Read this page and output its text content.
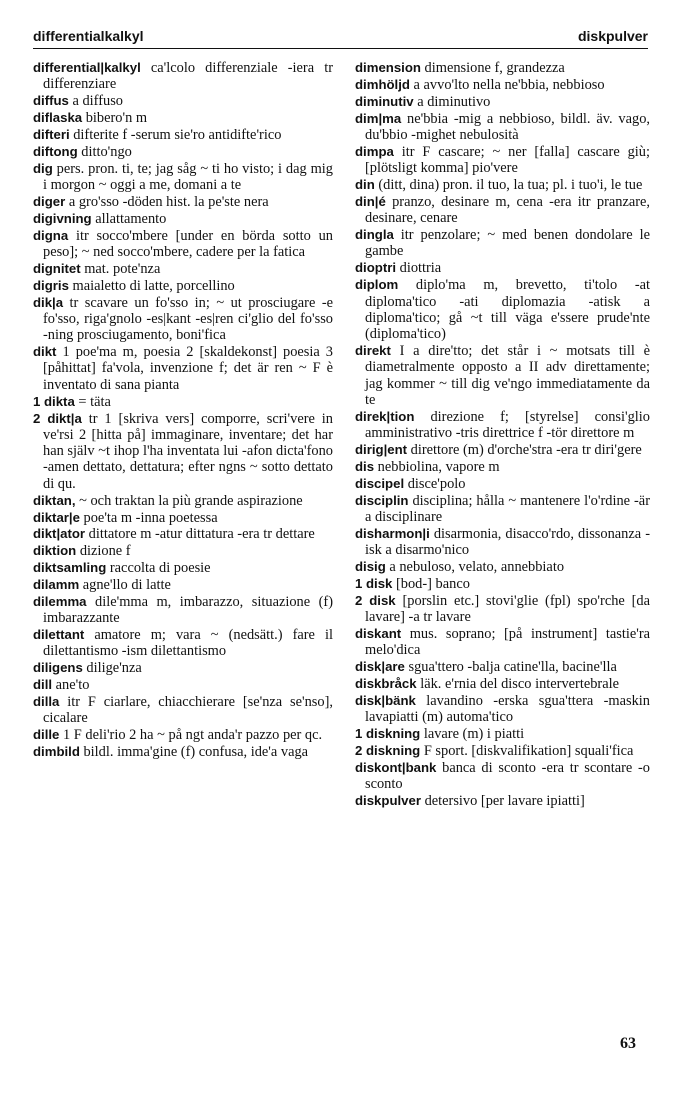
differentialkalkyl	diskpulver

differential|kalkyl ca'lcolo differenziale -iera tr differenziare

diffus a diffuso

diflaska bibero'n m

difteri difterite f -serum sie'ro antidifte'rico

diftong ditto'ngo

dig pers. pron. ti, te; jag såg ~ ti ho visto; i dag mig i morgon ~ oggi a me, domani a te

diger a gro'sso -döden hist. la pe'ste nera

digivning allattamento

digna itr socco'mbere [under en börda sotto un peso]; ~ ned socco'mbere, cadere per la fatica

dignitet mat. pote'nza

digris maialetto di latte, porcellino

dik|a tr scavare un fo'sso in; ~ ut prosciugare -e fo'sso, riga'gnolo -es|kant -es|ren ci'glio del fo'sso -ning prosciugamento, boni'fica

dikt 1 poe'ma m, poesia 2 [skaldekonst] poesia 3 [påhittat] fa'vola, invenzione f; det är ren ~ F è inventato di sana pianta

1 dikta = täta

2 dikt|a tr 1 [skriva vers] comporre, scri'vere in ve'rsi 2 [hitta på] immaginare, inventare; det har han själv ~t ihop l'ha inventata lui -afon dicta'fono -amen dettato, dettatura; efter ngns ~ sotto dettato di qu.

diktan, ~ och traktan la più grande aspirazione

diktar|e poe'ta m -inna poetessa

dikt|ator dittatore m -atur dittatura -era tr dettare

diktion dizione f

diktsamling raccolta di poesie

dilamm agne'llo di latte

dilemma dile'mma m, imbarazzo, situazione (f) imbarazzante

dilettant amatore m; vara ~ (nedsätt.) fare il dilettantismo -ism dilettantismo

diligens dilige'nza

dill ane'to

dilla itr F ciarlare, chiacchierare [se'nza se'nso], cicalare

dille 1 F deli'rio 2 ha ~ på ngt anda'r pazzo per qc.

dimbild bildl. imma'gine (f) confusa, ide'a vaga

dimension dimensione f, grandezza

dimhöljd a avvo'lto nella ne'bbia, nebbioso

diminutiv a diminutivo

dim|ma ne'bbia -mig a nebbioso, bildl. äv. vago, du'bbio -mighet nebulosità

dimpa itr F cascare; ~ ner [falla] cascare giù; [plötsligt komma] pio'vere

din (ditt, dina) pron. il tuo, la tua; pl. i tuo'i, le tue

din|é pranzo, desinare m, cena -era itr pranzare, desinare, cenare

dingla itr penzolare; ~ med benen dondolare le gambe

dioptri diottria

diplom diplo'ma m, brevetto, ti'tolo -at diploma'tico -ati diplomazia -atisk a diploma'tico; gå ~t till väga e'ssere prude'nte (diploma'tico)

direkt I a dire'tto; det står i ~ motsats till è diametralmente opposto a II adv direttamente; jag kommer ~ till dig ve'ngo immediatamente da te

direk|tion direzione f; [styrelse] consi'glio amministrativo -tris direttrice f -tör direttore m

dirig|ent direttore (m) d'orche'stra -era tr diri'gere

dis nebbiolina, vapore m

discipel disce'polo

disciplin disciplina; hålla ~ mantenere l'o'rdine -är a disciplinare

disharmon|i disarmonia, disacco'rdo, dissonanza -isk a disarmo'nico

disig a nebuloso, velato, annebbiato

1 disk [bod-] banco

2 disk [porslin etc.] stovi'glie (fpl) spo'rche [da lavare] -a tr lavare

diskant mus. soprano; [på instrument] tastie'ra melo'dica

disk|are sgua'ttero -balja catine'lla, bacine'lla

diskbråck läk. e'rnia del disco intervertebrale

disk|bänk lavandino -erska sgua'ttera -maskin lavapiatti (m) automa'tico

1 diskning lavare (m) i piatti

2 diskning F sport. [diskvalifikation] squali'fica

diskont|bank banca di sconto -era tr scontare -o sconto

diskpulver detersivo [per lavare ipiatti]

63
